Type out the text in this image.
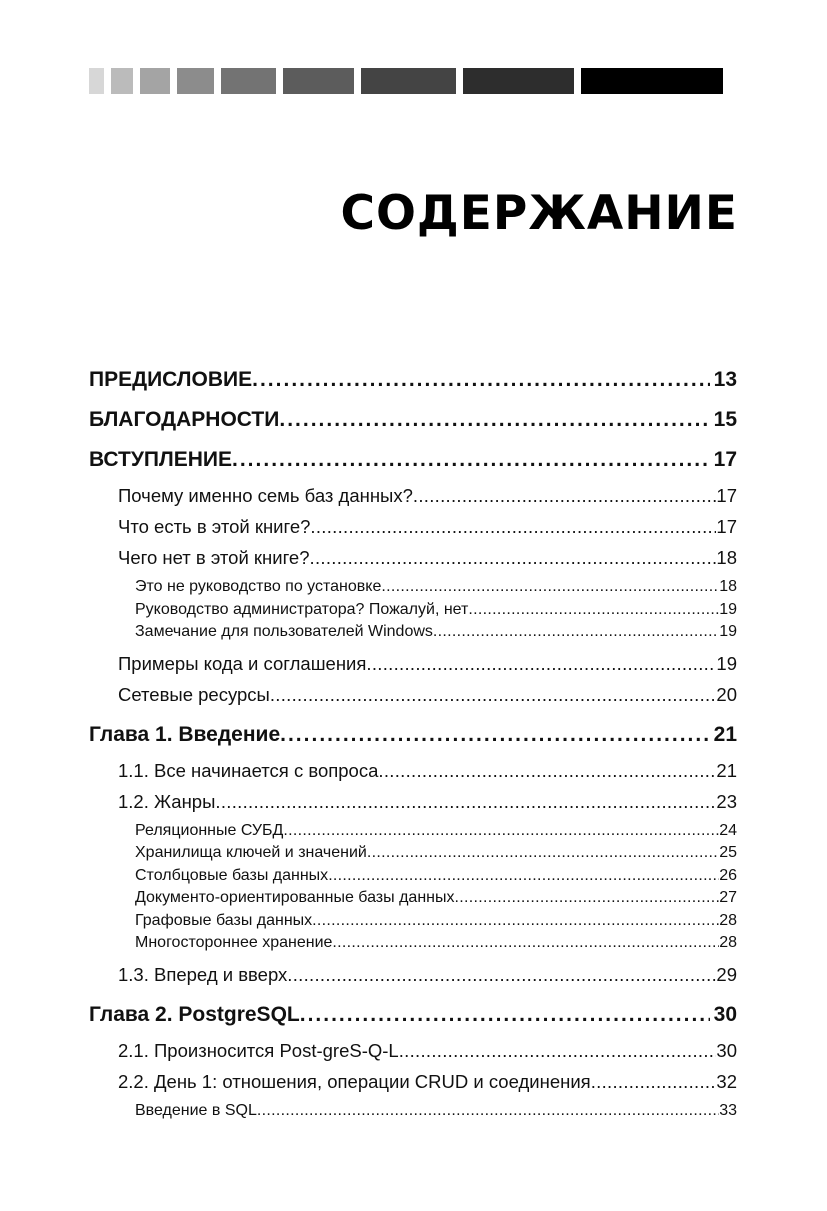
СОДЕРЖАНИЕ
ПРЕДИСЛОВИЕ .....	13
БЛАГОДАРНОСТИ .....	15
ВСТУПЛЕНИЕ .....	17
Почему именно семь баз данных? .....	17
Что есть в этой книге? .....	17
Чего нет в этой книге? .....	18
Это не руководство по установке .....	18
Руководство администратора? Пожалуй, нет .....	19
Замечание для пользователей Windows .....	19
Примеры кода и соглашения .....	19
Сетевые ресурсы .....	20
Глава 1. Введение .....	21
1.1. Все начинается с вопроса .....	21
1.2. Жанры .....	23
Реляционные СУБД .....	24
Хранилища ключей и значений .....	25
Столбцовые базы данных .....	26
Документо-ориентированные базы данных .....	27
Графовые базы данных .....	28
Многостороннее хранение .....	28
1.3. Вперед и вверх .....	29
Глава 2. PostgreSQL .....	30
2.1. Произносится Post-greS-Q-L .....	30
2.2. День 1: отношения, операции CRUD и соединения .....	32
Введение в SQL .....	33
